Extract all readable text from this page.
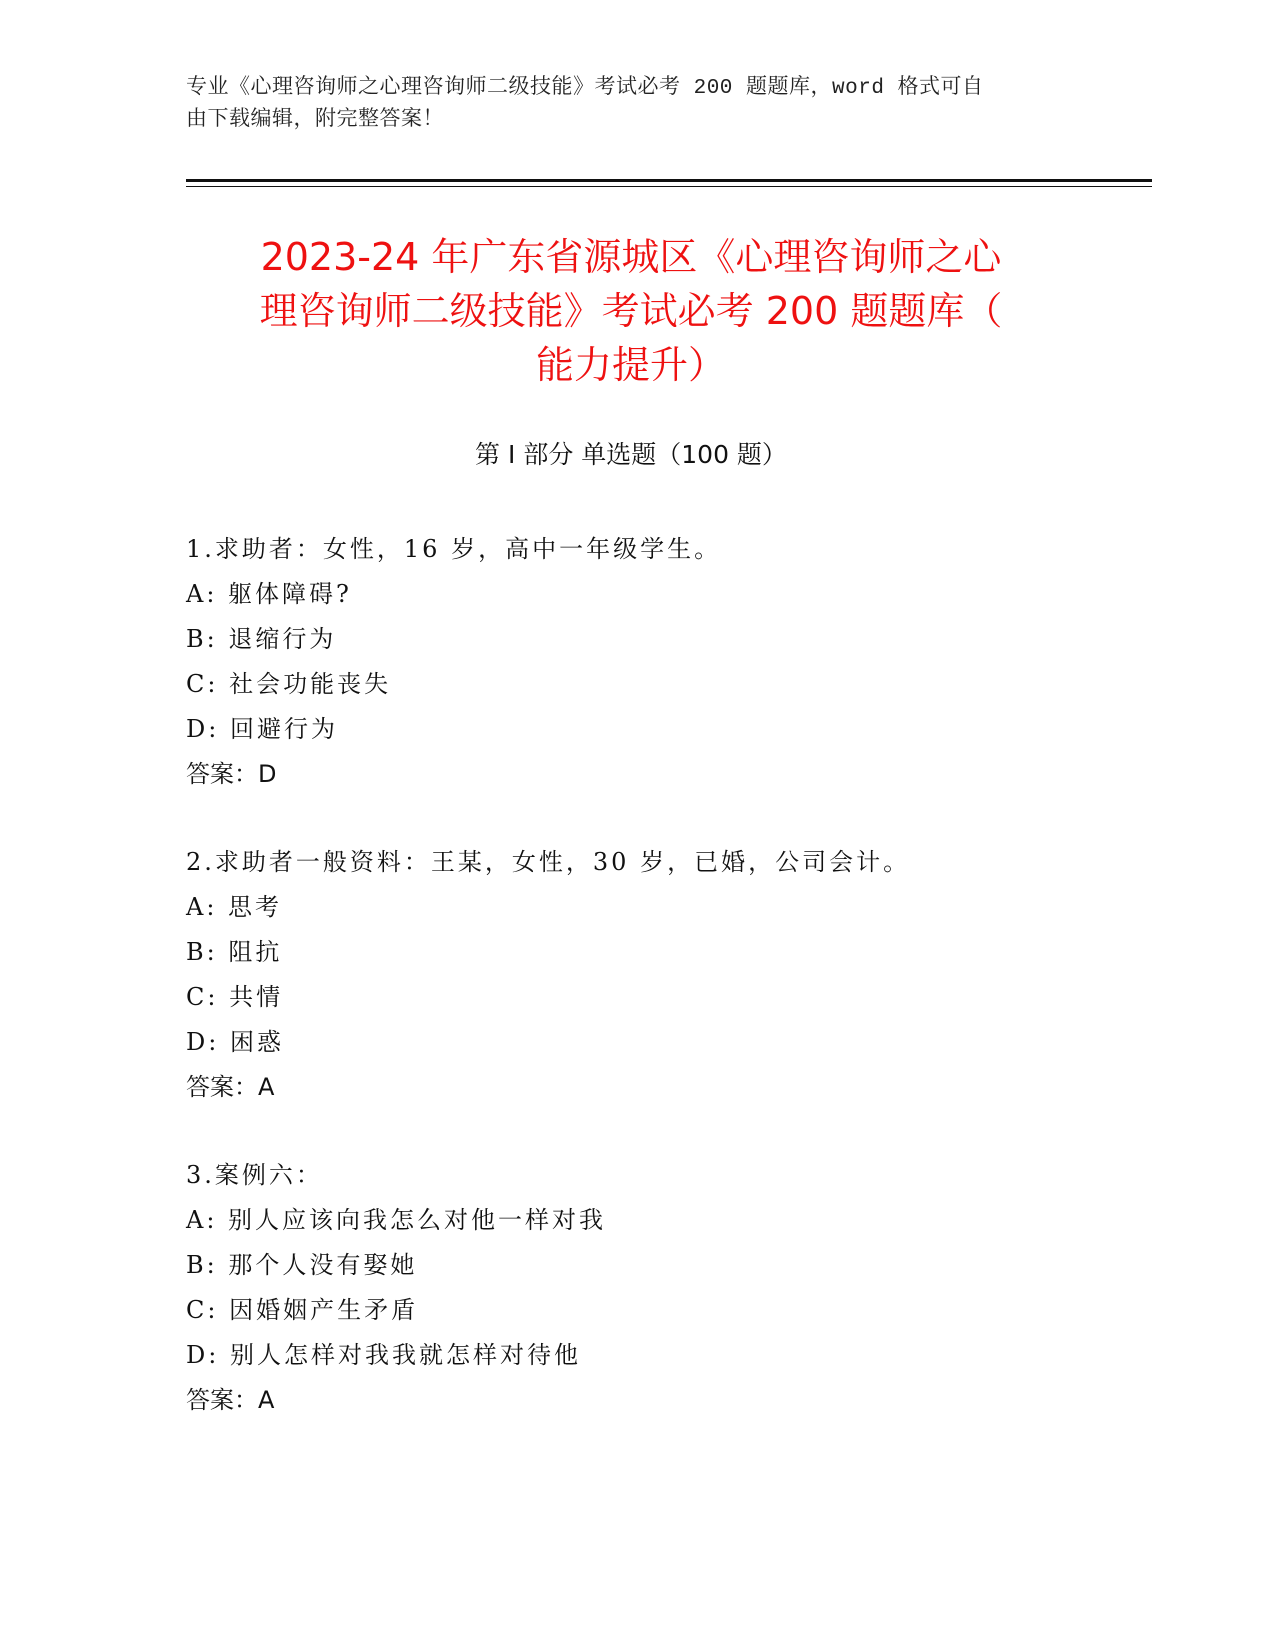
专业《心理咨询师之心理咨询师二级技能》考试必考 200 题题库，word 格式可自
由下载编辑，附完整答案！
2023-24 年广东省源城区《心理咨询师之心
理咨询师二级技能》考试必考 200 题题库（
能力提升）
第 I 部分 单选题（100 题）
1.求助者：女性，16 岁，高中一年级学生。
A: 躯体障碍?
B: 退缩行为
C: 社会功能丧失
D: 回避行为
答案：D
2.求助者一般资料：王某，女性，30 岁，已婚，公司会计。
A: 思考
B: 阻抗
C: 共情
D: 困惑
答案：A
3.案例六：
A: 别人应该向我怎么对他一样对我
B: 那个人没有娶她
C: 因婚姻产生矛盾
D: 别人怎样对我我就怎样对待他
答案：A
